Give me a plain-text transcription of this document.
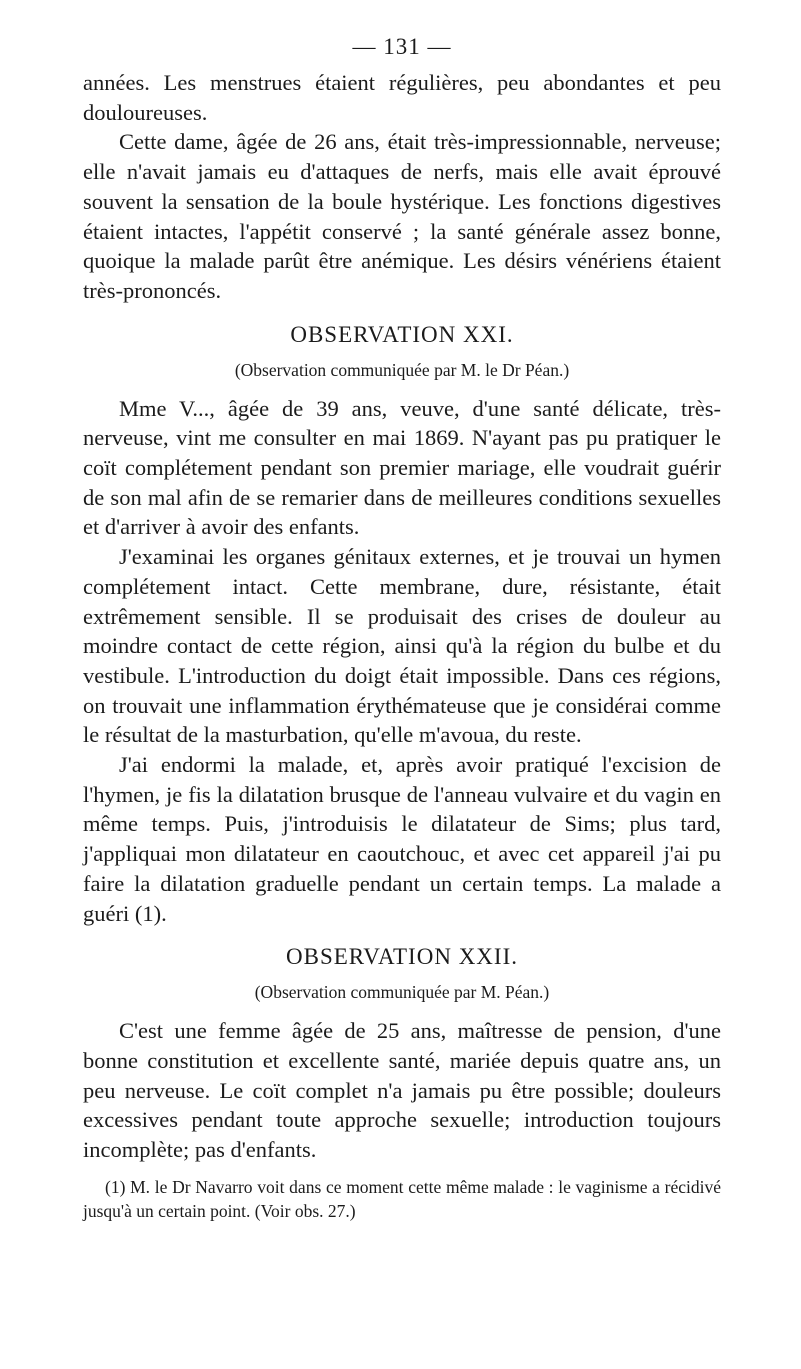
— 131 —

années. Les menstrues étaient régulières, peu abondantes et peu douloureuses.

Cette dame, âgée de 26 ans, était très-impressionnable, nerveuse; elle n'avait jamais eu d'attaques de nerfs, mais elle avait éprouvé souvent la sensation de la boule hystérique. Les fonctions digestives étaient intactes, l'appétit conservé ; la santé générale assez bonne, quoique la malade parût être anémique. Les désirs vénériens étaient très-prononcés.

OBSERVATION XXI.
(Observation communiquée par M. le Dr Péan.)

Mme V..., âgée de 39 ans, veuve, d'une santé délicate, très-nerveuse, vint me consulter en mai 1869. N'ayant pas pu pratiquer le coït complétement pendant son premier mariage, elle voudrait guérir de son mal afin de se remarier dans de meilleures conditions sexuelles et d'arriver à avoir des enfants.

J'examinai les organes génitaux externes, et je trouvai un hymen complétement intact. Cette membrane, dure, résistante, était extrêmement sensible. Il se produisait des crises de douleur au moindre contact de cette région, ainsi qu'à la région du bulbe et du vestibule. L'introduction du doigt était impossible. Dans ces régions, on trouvait une inflammation érythémateuse que je considérai comme le résultat de la masturbation, qu'elle m'avoua, du reste.

J'ai endormi la malade, et, après avoir pratiqué l'excision de l'hymen, je fis la dilatation brusque de l'anneau vulvaire et du vagin en même temps. Puis, j'introduisis le dilatateur de Sims; plus tard, j'appliquai mon dilatateur en caoutchouc, et avec cet appareil j'ai pu faire la dilatation graduelle pendant un certain temps. La malade a guéri (1).

OBSERVATION XXII.
(Observation communiquée par M. Péan.)

C'est une femme âgée de 25 ans, maîtresse de pension, d'une bonne constitution et excellente santé, mariée depuis quatre ans, un peu nerveuse. Le coït complet n'a jamais pu être possible; douleurs excessives pendant toute approche sexuelle; introduction toujours incomplète; pas d'enfants.

(1) M. le Dr Navarro voit dans ce moment cette même malade : le vaginisme a récidivé jusqu'à un certain point. (Voir obs. 27.)
